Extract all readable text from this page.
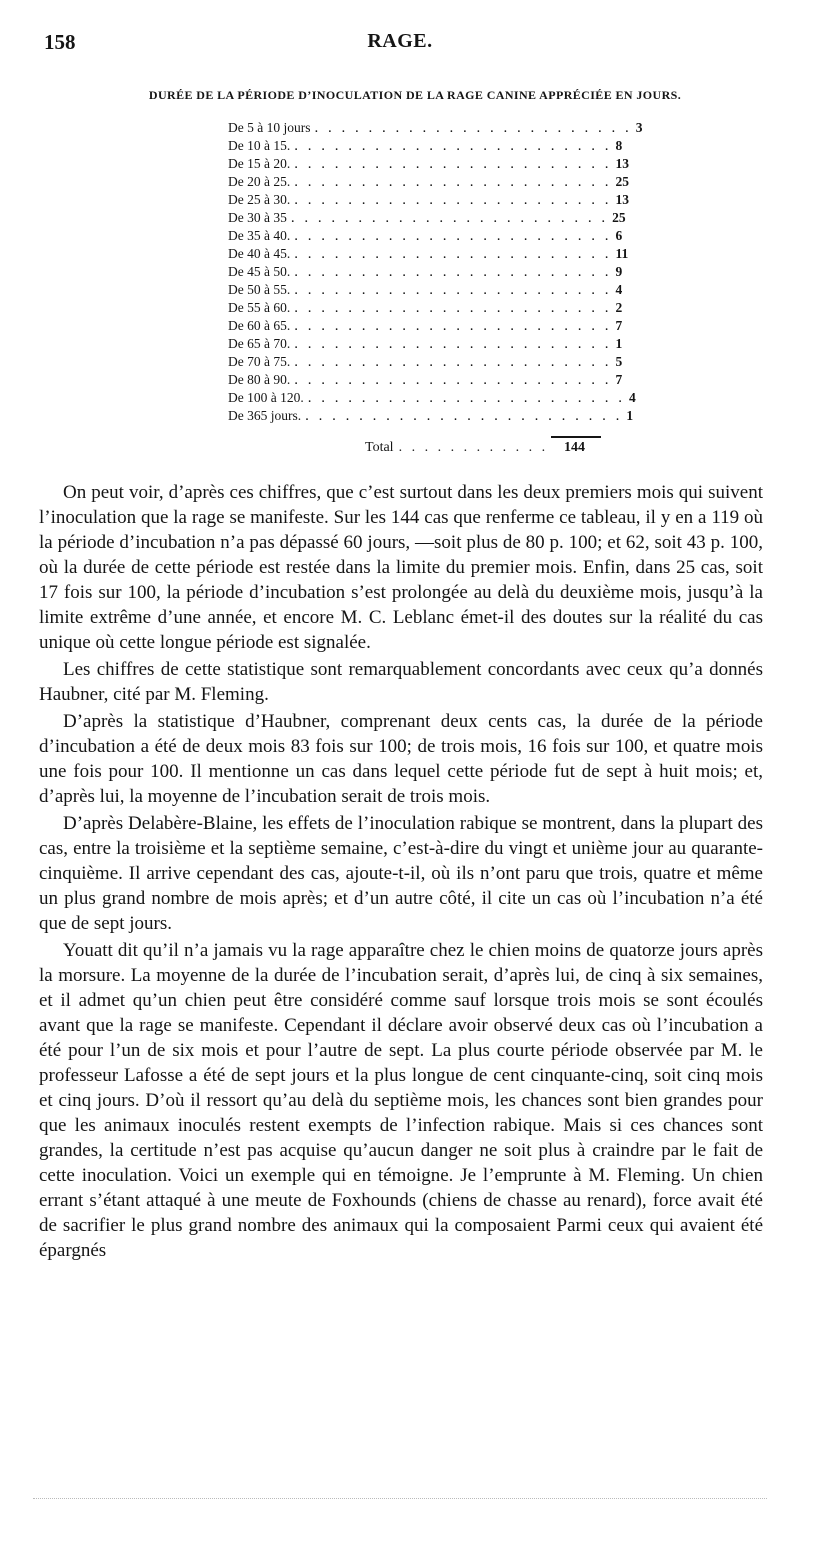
158	RAGE.
DURÉE DE LA PÉRIODE D’INOCULATION DE LA RAGE CANINE APPRÉCIÉE EN JOURS.
De 5 à 10 jours . . . . . . . . . . . . . . . . . . . . . . . . 3
De 10 à 15. . . . . . . . . . . . . . . . . . . . . . . . . 8
De 15 à 20. . . . . . . . . . . . . . . . . . . . . . . . . 13
De 20 à 25. . . . . . . . . . . . . . . . . . . . . . . . . 25
De 25 à 30. . . . . . . . . . . . . . . . . . . . . . . . . 13
De 30 à 35 . . . . . . . . . . . . . . . . . . . . . . . . 25
De 35 à 40. . . . . . . . . . . . . . . . . . . . . . . . . 6
De 40 à 45. . . . . . . . . . . . . . . . . . . . . . . . . 11
De 45 à 50. . . . . . . . . . . . . . . . . . . . . . . . . 9
De 50 à 55. . . . . . . . . . . . . . . . . . . . . . . . . 4
De 55 à 60. . . . . . . . . . . . . . . . . . . . . . . . . 2
De 60 à 65. . . . . . . . . . . . . . . . . . . . . . . . . 7
De 65 à 70. . . . . . . . . . . . . . . . . . . . . . . . . 1
De 70 à 75. . . . . . . . . . . . . . . . . . . . . . . . . 5
De 80 à 90. . . . . . . . . . . . . . . . . . . . . . . . . 7
De 100 à 120. . . . . . . . . . . . . . . . . . . . . . . . . 4
De 365 jours. . . . . . . . . . . . . . . . . . . . . . . . . 1
Total . . . . . . . . . . . .	144

On peut voir, d’après ces chiffres, que c’est surtout dans les deux premiers mois qui suivent l’inoculation que la rage se manifeste. Sur les 144 cas que renferme ce tableau, il y en a 119 où la période d’incubation n’a pas dépassé 60 jours, —soit plus de 80 p. 100; et 62, soit 43 p. 100, où la durée de cette période est restée dans la limite du premier mois. Enfin, dans 25 cas, soit 17 fois sur 100, la période d’incubation s’est prolongée au delà du deuxième mois, jusqu’à la limite extrême d’une année, et encore M. C. Leblanc émet-il des doutes sur la réalité du cas unique où cette longue période est signalée.

Les chiffres de cette statistique sont remarquablement concordants avec ceux qu’a donnés Haubner, cité par M. Fleming.

D’après la statistique d’Haubner, comprenant deux cents cas, la durée de la période d’incubation a été de deux mois 83 fois sur 100; de trois mois, 16 fois sur 100, et quatre mois une fois pour 100. Il mentionne un cas dans lequel cette période fut de sept à huit mois; et, d’après lui, la moyenne de l’incubation serait de trois mois.

D’après Delabère-Blaine, les effets de l’inoculation rabique se montrent, dans la plupart des cas, entre la troisième et la septième semaine, c’est-à-dire du vingt et unième jour au quarante-cinquième. Il arrive cependant des cas, ajoute-t-il, où ils n’ont paru que trois, quatre et même un plus grand nombre de mois après; et d’un autre côté, il cite un cas où l’incubation n’a été que de sept jours.

Youatt dit qu’il n’a jamais vu la rage apparaître chez le chien moins de quatorze jours après la morsure. La moyenne de la durée de l’incubation serait, d’après lui, de cinq à six semaines, et il admet qu’un chien peut être considéré comme sauf lorsque trois mois se sont écoulés avant que la rage se manifeste. Cependant il déclare avoir observé deux cas où l’incubation a été pour l’un de six mois et pour l’autre de sept. La plus courte période observée par M. le professeur Lafosse a été de sept jours et la plus longue de cent cinquante-cinq, soit cinq mois et cinq jours. D’où il ressort qu’au delà du septième mois, les chances sont bien grandes pour que les animaux inoculés restent exempts de l’infection rabique. Mais si ces chances sont grandes, la certitude n’est pas acquise qu’aucun danger ne soit plus à craindre par le fait de cette inoculation. Voici un exemple qui en témoigne. Je l’emprunte à M. Fleming. Un chien errant s’étant attaqué à une meute de Foxhounds (chiens de chasse au renard), force avait été de sacrifier le plus grand nombre des animaux qui la composaient Parmi ceux qui avaient été épargnés
